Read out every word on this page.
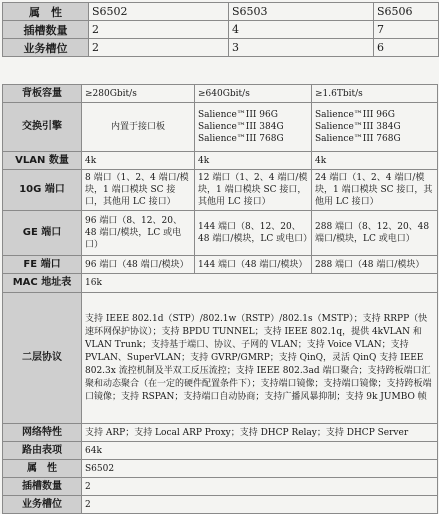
属　性	S6502	S6503	S6506
插槽数量	2	4	7
业务槽位	2	3	6
背板容量	≥280Gbit/s	≥640Gbit/s	≥1.6Tbit/s
交换引擎	内置于接口板	Salience™III 96G
Salience™III 384G
Salience™III 768G	Salience™III 96G
Salience™III 384G
Salience™III 768G

VLAN 数量	4k	4k	4k
10G 端口	8 端口（1、2、4 端口/模块，1 端口模块 SC 接口，其他用 LC 接口）	12 端口（1、2、4 端口/模块，1 端口模块 SC 接口，其他用 LC 接口）	24 端口（1、2、4 端口/模块，1 端口模块 SC 接口，其他用 LC 接口）
GE 端口	96 端口（8、12、20、48 端口/模块，LC 或电口）	144 端口（8、12、20、48 端口/模块，LC 或电口）	288 端口（8、12、20、48 端口/模块，LC 或电口）
FE 端口	96 端口（48 端口/模块）	144 端口（48 端口/模块）	288 端口（48 端口/模块）
MAC 地址表	16k		
二层协议	支持 IEEE 802.1d（STP）/802.1w（RSTP）/802.1s（MSTP）；支持 RRPP（快速环网保护协议）；支持 BPDU TUNNEL；支持 IEEE 802.1q，提供 4kVLAN 和 VLAN Trunk；支持基于端口、协议、子网的 VLAN；支持 Voice VLAN；支持 PVLAN、SuperVLAN；支持 GVRP/GMRP；支持 QinQ，灵活 QinQ 支持 IEEE 802.3x 流控机制及半双工反压流控；支持 IEEE 802.3ad 端口聚合；支持跨板端口汇聚和动态聚合（在一定的硬件配置条件下）；支持端口镜像；支持端口镜像；支持跨板端口镜像；支持 RSPAN；支持端口自动协商；支持广播风暴抑制；支持 9k JUMBO 帧		
网络特性	支持 ARP；支持 Local ARP Proxy；支持 DHCP Relay；支持 DHCP Server		
路由表项	64k		
属　性	S6502		
插槽数量	2		
业务槽位	2		
